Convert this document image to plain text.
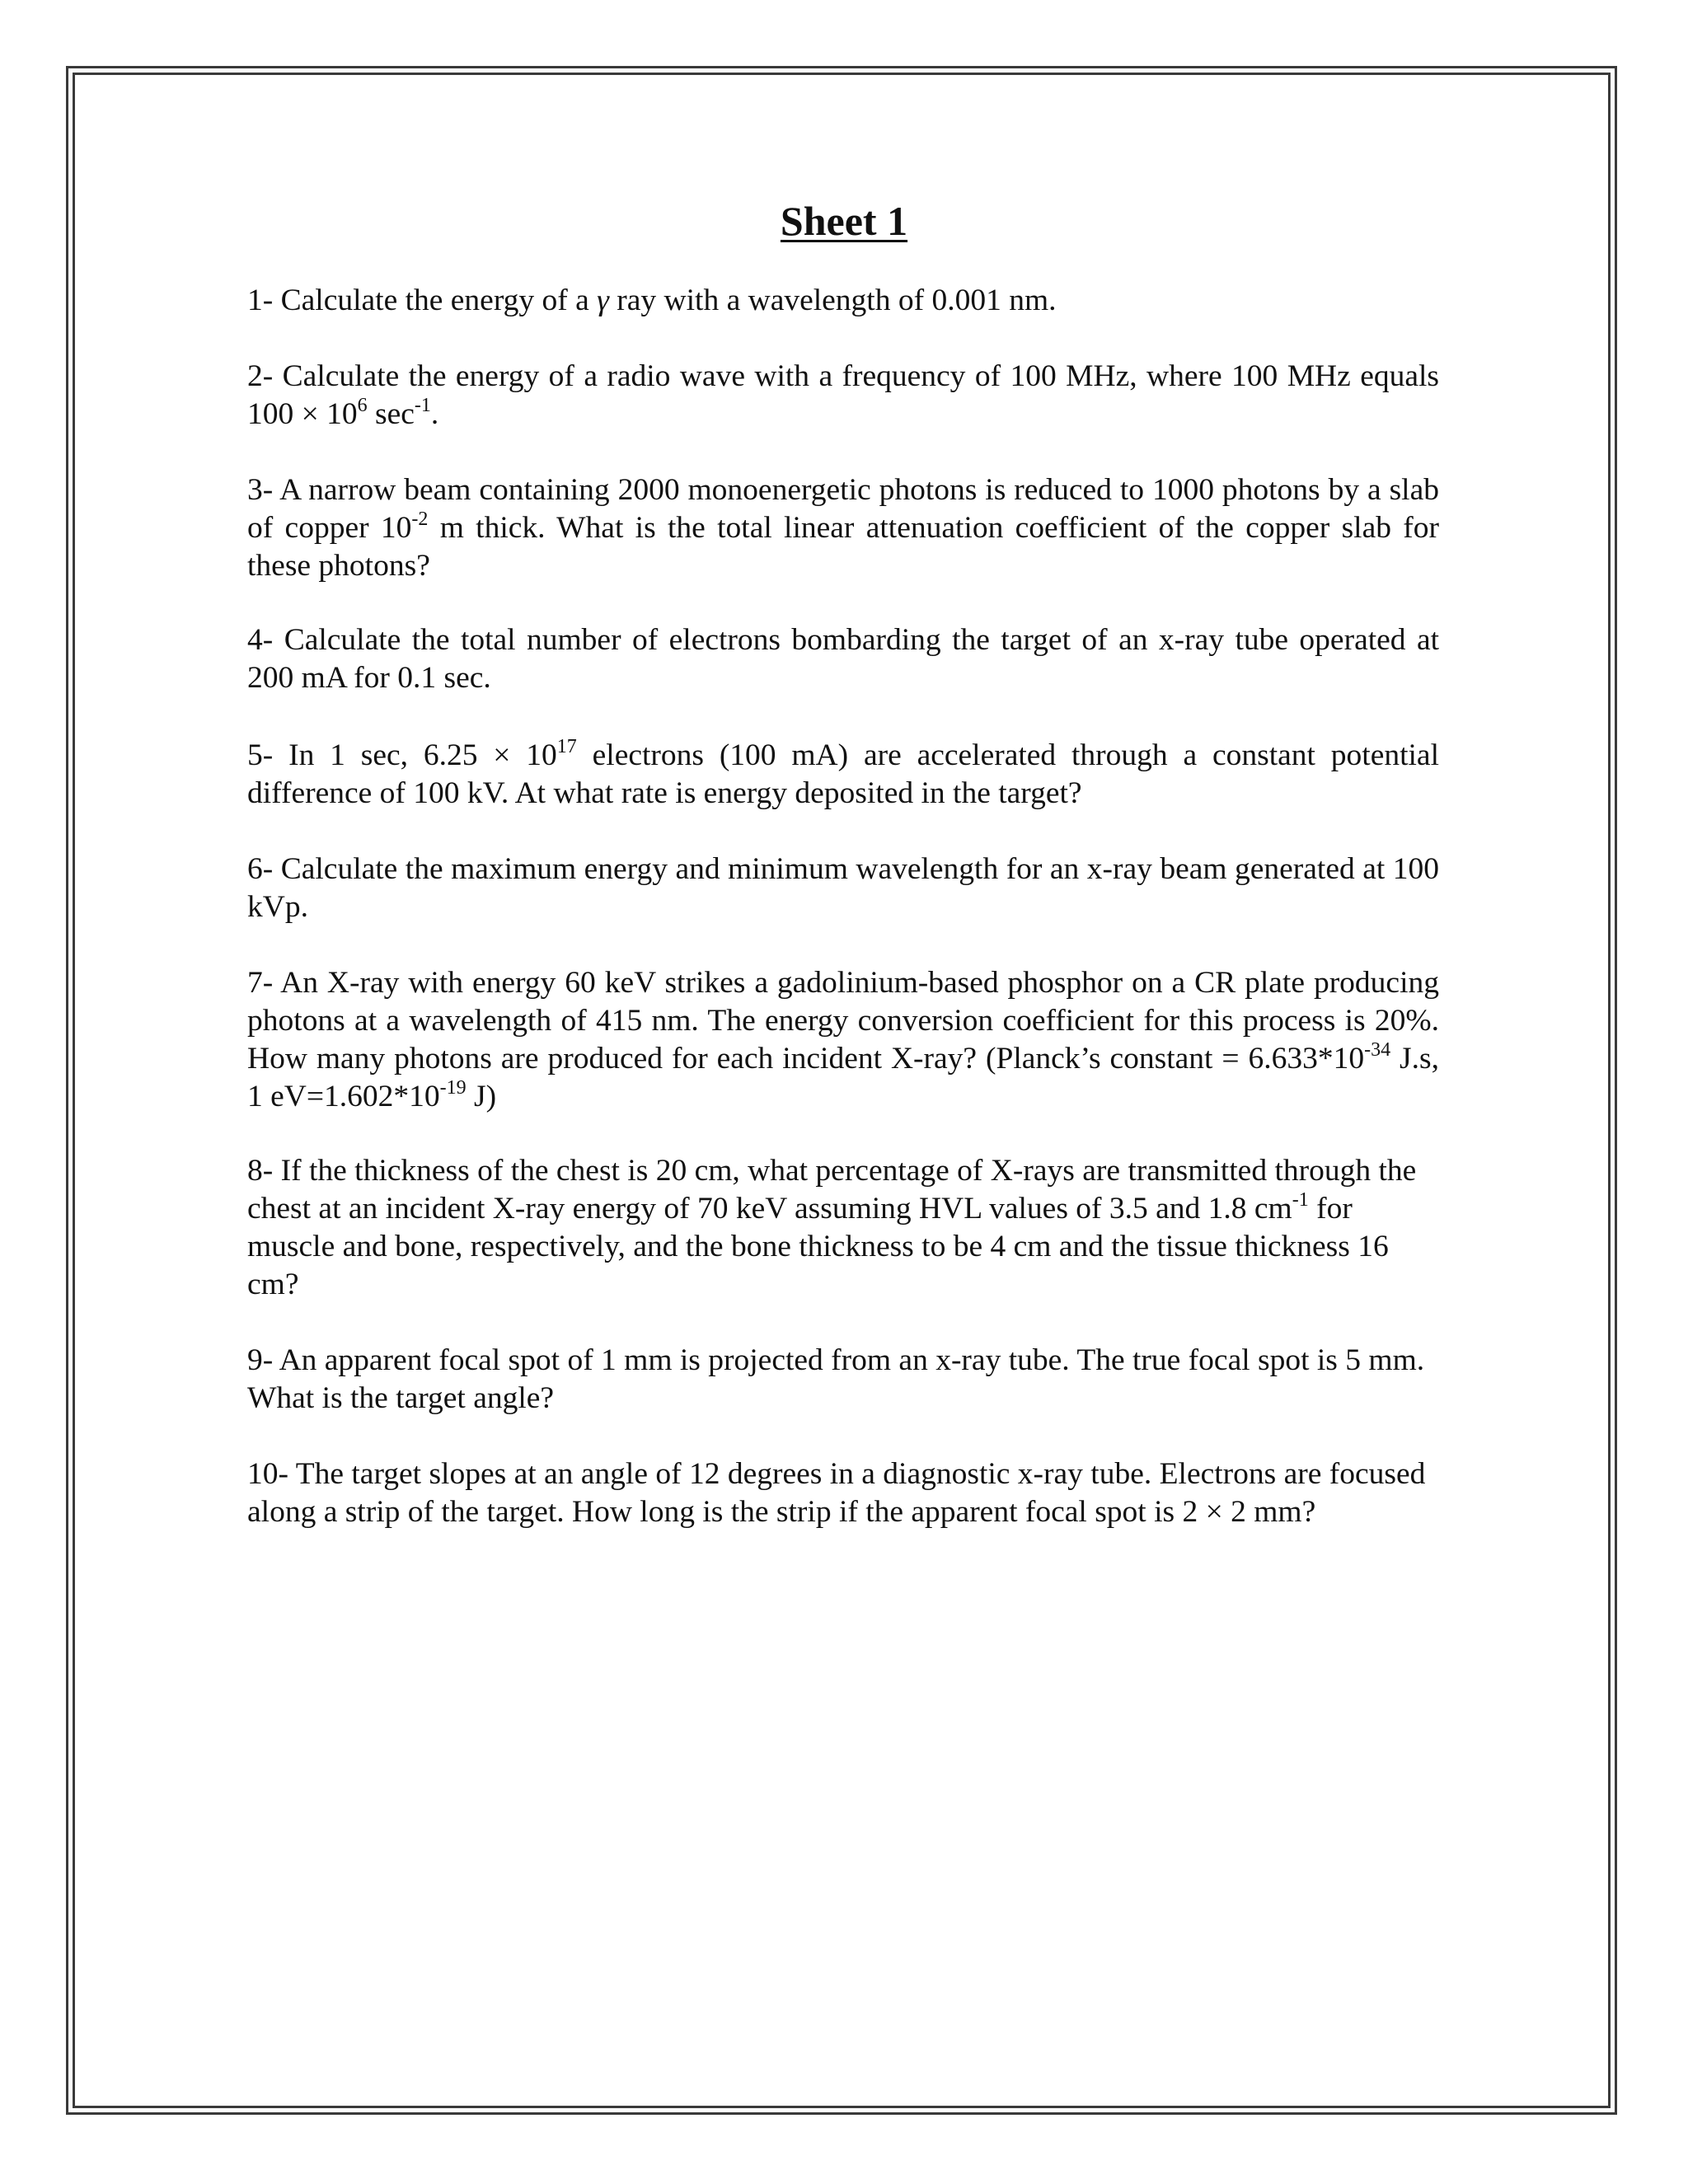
Sheet 1

1- Calculate the energy of a γ ray with a wavelength of 0.001 nm.

2- Calculate the energy of a radio wave with a frequency of 100 MHz, where 100 MHz equals $100 \times 10^6$ $\sec^{-1}$.

3- A narrow beam containing 2000 monoenergetic photons is reduced to 1000 photons by a slab of copper $10^{-2}$ m thick. What is the total linear attenuation coefficient of the copper slab for these photons?

4- Calculate the total number of electrons bombarding the target of an x-ray tube operated at 200 mA for 0.1 sec.

5- In 1 sec, $6.25 \times 10^{17}$ electrons (100 mA) are accelerated through a constant potential difference of 100 kV. At what rate is energy deposited in the target?

6- Calculate the maximum energy and minimum wavelength for an x-ray beam generated at 100 kVp.

7- An X-ray with energy 60 keV strikes a gadolinium-based phosphor on a CR plate producing photons at a wavelength of 415 nm. The energy conversion coefficient for this process is 20%. How many photons are produced for each incident X-ray? (Planck’s constant = $6.633*10^{-34}$ J.s, 1 $eV=1.602*10^{-19}$ J)

8- If the thickness of the chest is 20 cm, what percentage of X-rays are transmitted through the chest at an incident X-ray energy of 70 keV assuming HVL values of 3.5 and 1.8 $cm^{-1}$ for muscle and bone, respectively, and the bone thickness to be 4 cm and the tissue thickness 16 cm?

9- An apparent focal spot of 1 mm is projected from an x-ray tube. The true focal spot is 5 mm. What is the target angle?

10- The target slopes at an angle of 12 degrees in a diagnostic x-ray tube. Electrons are focused along a strip of the target. How long is the strip if the apparent focal spot is 2 × 2 mm?
